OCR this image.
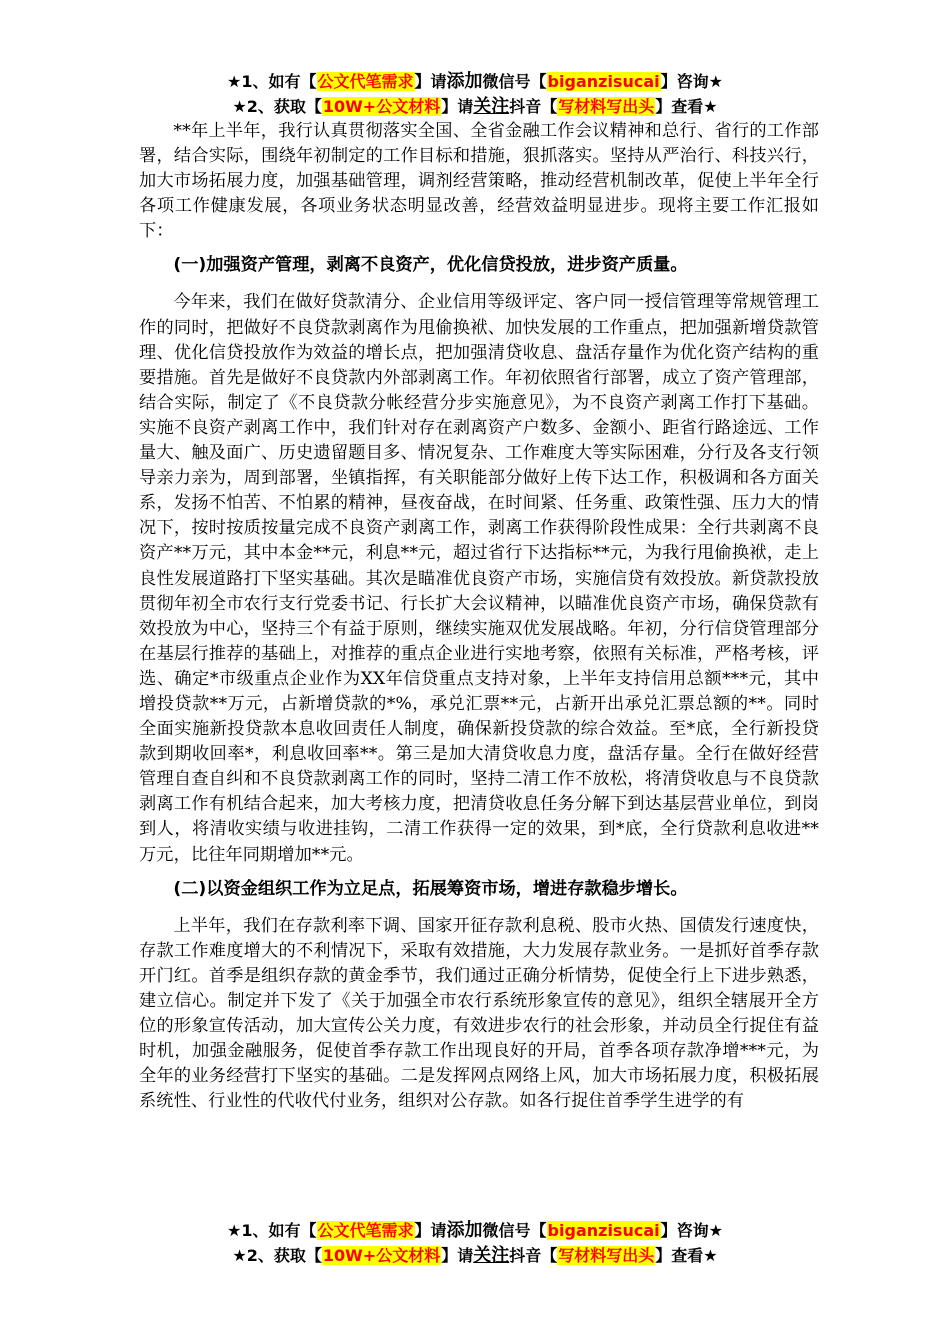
★1、如有【公文代笔需求】请添加微信号【biganzisucai】咨询★
★2、获取【10W+公文材料】请关注抖音【写材料写出头】查看★

**年上半年，我行认真贯彻落实全国、全省金融工作会议精神和总行、省行的工作部署，结合实际，围绕年初制定的工作目标和措施，狠抓落实。坚持从严治行、科技兴行，加大市场拓展力度，加强基础管理，调剂经营策略，推动经营机制改革，促使上半年全行各项工作健康发展，各项业务状态明显改善，经营效益明显进步。现将主要工作汇报如下：

(一)加强资产管理，剥离不良资产，优化信贷投放，进步资产质量。

今年来，我们在做好贷款清分、企业信用等级评定、客户同一授信管理等常规管理工作的同时，把做好不良贷款剥离作为甩偷换袱、加快发展的工作重点，把加强新增贷款管理、优化信贷投放作为效益的增长点，把加强清贷收息、盘活存量作为优化资产结构的重要措施。首先是做好不良贷款内外部剥离工作。年初依照省行部署，成立了资产管理部，结合实际，制定了《不良贷款分帐经营分步实施意见》，为不良资产剥离工作打下基础。实施不良资产剥离工作中，我们针对存在剥离资产户数多、金额小、距省行路途远、工作量大、触及面广、历史遗留题目多、情况复杂、工作难度大等实际困难，分行及各支行领导亲力亲为，周到部署，坐镇指挥，有关职能部分做好上传下达工作，积极调和各方面关系，发扬不怕苦、不怕累的精神，昼夜奋战，在时间紧、任务重、政策性强、压力大的情况下，按时按质按量完成不良资产剥离工作，剥离工作获得阶段性成果：全行共剥离不良资产**万元，其中本金**元，利息**元，超过省行下达指标**元，为我行甩偷换袱，走上良性发展道路打下坚实基础。其次是瞄准优良资产市场，实施信贷有效投放。新贷款投放贯彻年初全市农行支行党委书记、行长扩大会议精神，以瞄准优良资产市场，确保贷款有效投放为中心，坚持三个有益于原则，继续实施双优发展战略。年初，分行信贷管理部分在基层行推荐的基础上，对推荐的重点企业进行实地考察，依照有关标准，严格考核，评选、确定*市级重点企业作为XX年信贷重点支持对象，上半年支持信用总额***元，其中增投贷款**万元，占新增贷款的*%，承兑汇票**元，占新开出承兑汇票总额的**。同时全面实施新投贷款本息收回责任人制度，确保新投贷款的综合效益。至*底，全行新投贷款到期收回率*，利息收回率**。第三是加大清贷收息力度，盘活存量。全行在做好经营管理自查自纠和不良贷款剥离工作的同时，坚持二清工作不放松，将清贷收息与不良贷款剥离工作有机结合起来，加大考核力度，把清贷收息任务分解下到达基层营业单位，到岗到人，将清收实绩与收进挂钩，二清工作获得一定的效果，到*底，全行贷款利息收进**万元，比往年同期增加**元。

(二)以资金组织工作为立足点，拓展筹资市场，增进存款稳步增长。

上半年，我们在存款利率下调、国家开征存款利息税、股市火热、国债发行速度快，存款工作难度增大的不利情况下，采取有效措施，大力发展存款业务。一是抓好首季存款开门红。首季是组织存款的黄金季节，我们通过正确分析情势，促使全行上下进步熟悉，建立信心。制定并下发了《关于加强全市农行系统形象宣传的意见》，组织全辖展开全方位的形象宣传活动，加大宣传公关力度，有效进步农行的社会形象，并动员全行捉住有益时机，加强金融服务，促使首季存款工作出现良好的开局，首季各项存款净增***元，为全年的业务经营打下坚实的基础。二是发挥网点网络上风，加大市场拓展力度，积极拓展系统性、行业性的代收代付业务，组织对公存款。如各行捉住首季学生进学的有

★1、如有【公文代笔需求】请添加微信号【biganzisucai】咨询★
★2、获取【10W+公文材料】请关注抖音【写材料写出头】查看★
